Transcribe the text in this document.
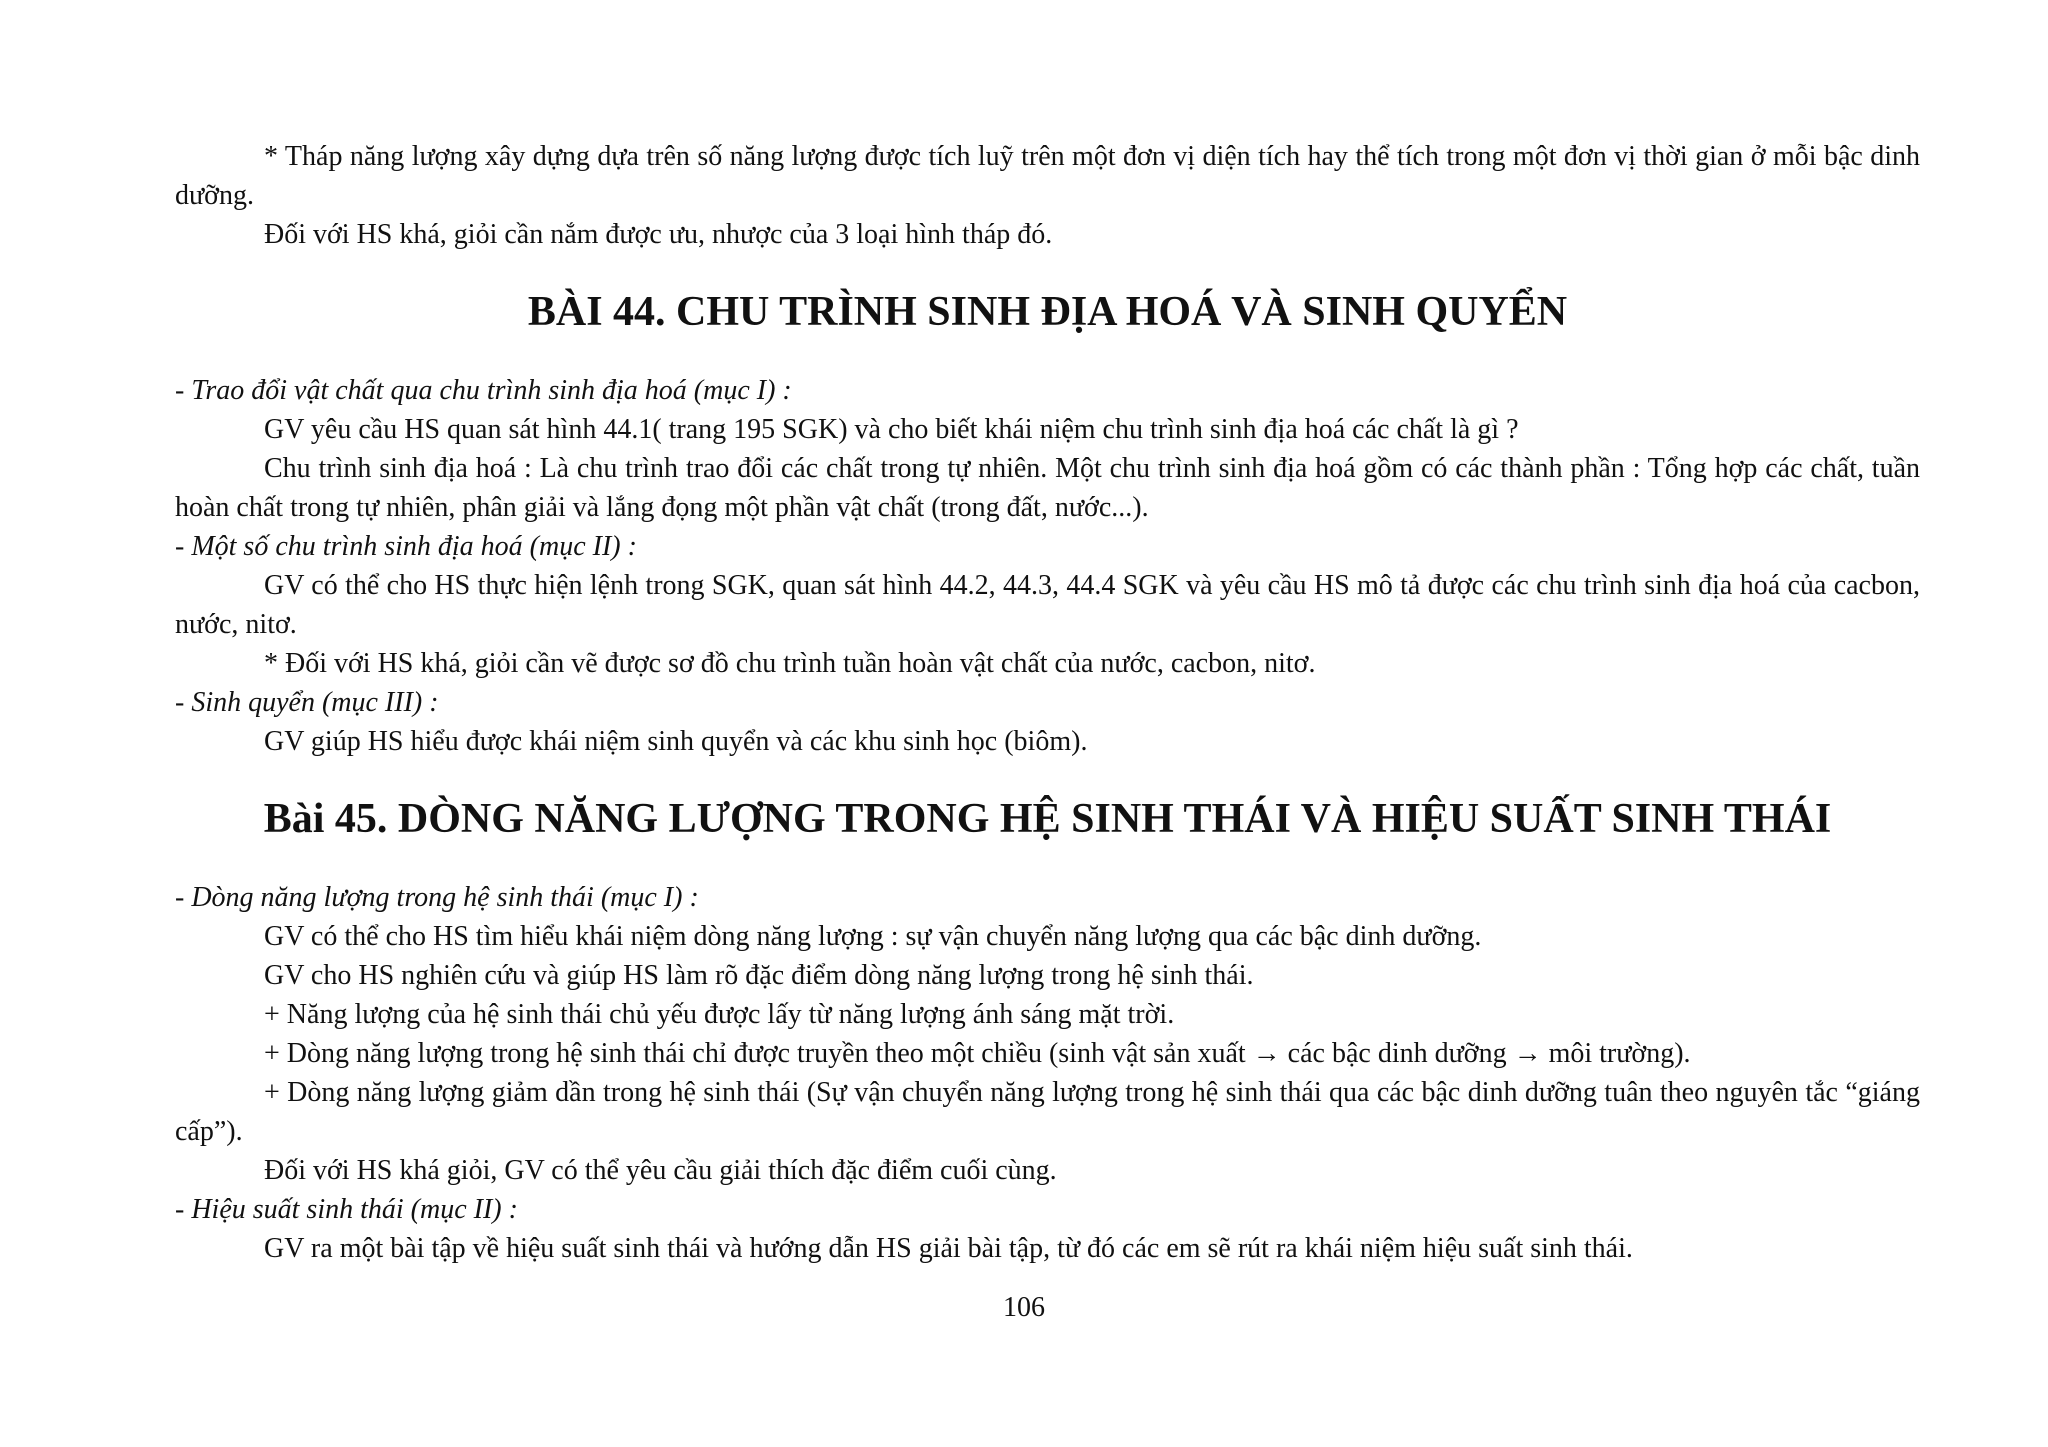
* Tháp năng lượng xây dựng dựa trên số năng lượng được tích luỹ trên một đơn vị diện tích hay thể tích trong một đơn vị thời gian ở mỗi bậc dinh dưỡng.

Đối với HS khá, giỏi cần nắm được ưu, nhược của 3 loại hình tháp đó.

BÀI 44. CHU TRÌNH SINH ĐỊA HOÁ VÀ SINH QUYỂN

- Trao đổi vật chất qua chu trình sinh địa hoá (mục I) :

GV yêu cầu HS quan sát hình 44.1( trang 195 SGK) và cho biết khái niệm chu trình sinh địa hoá các chất là gì ?

Chu trình sinh địa hoá : Là chu trình trao đổi các chất trong tự nhiên. Một chu trình sinh địa hoá gồm có các thành phần : Tổng hợp các chất, tuần hoàn chất trong tự nhiên, phân giải và lắng đọng một phần vật chất (trong đất, nước...).

- Một số chu trình sinh địa hoá (mục II) :

GV có thể cho HS thực hiện lệnh trong SGK, quan sát hình 44.2, 44.3, 44.4 SGK và yêu cầu HS mô tả được các chu trình sinh địa hoá của cacbon, nước, nitơ.

* Đối với HS khá, giỏi cần vẽ được sơ đồ chu trình tuần hoàn vật chất của nước, cacbon, nitơ.

- Sinh quyển (mục III) :

GV giúp HS hiểu được khái niệm sinh quyển và các khu sinh học (biôm).

Bài 45. DÒNG NĂNG LƯỢNG TRONG HỆ SINH THÁI VÀ HIỆU SUẤT SINH THÁI

- Dòng năng lượng trong hệ sinh thái (mục I) :

GV có thể cho HS tìm hiểu khái niệm dòng năng lượng : sự vận chuyển năng lượng qua các bậc dinh dưỡng.

GV cho HS nghiên cứu và giúp HS làm rõ đặc điểm dòng năng lượng trong hệ sinh thái.

+ Năng lượng của hệ sinh thái chủ yếu được lấy từ năng lượng ánh sáng mặt trời.

+ Dòng năng lượng trong hệ sinh thái chỉ được truyền theo một chiều (sinh vật sản xuất → các bậc dinh dưỡng → môi trường).

+ Dòng năng lượng giảm dần trong hệ sinh thái (Sự vận chuyển năng lượng trong hệ sinh thái qua các bậc dinh dưỡng tuân theo nguyên tắc “giáng cấp”).

Đối với HS khá giỏi, GV có thể yêu cầu giải thích đặc điểm cuối cùng.

- Hiệu suất sinh thái (mục II) :

GV ra một bài tập về hiệu suất sinh thái và hướng dẫn HS giải bài tập, từ đó các em sẽ rút ra khái niệm hiệu suất sinh thái.

106
